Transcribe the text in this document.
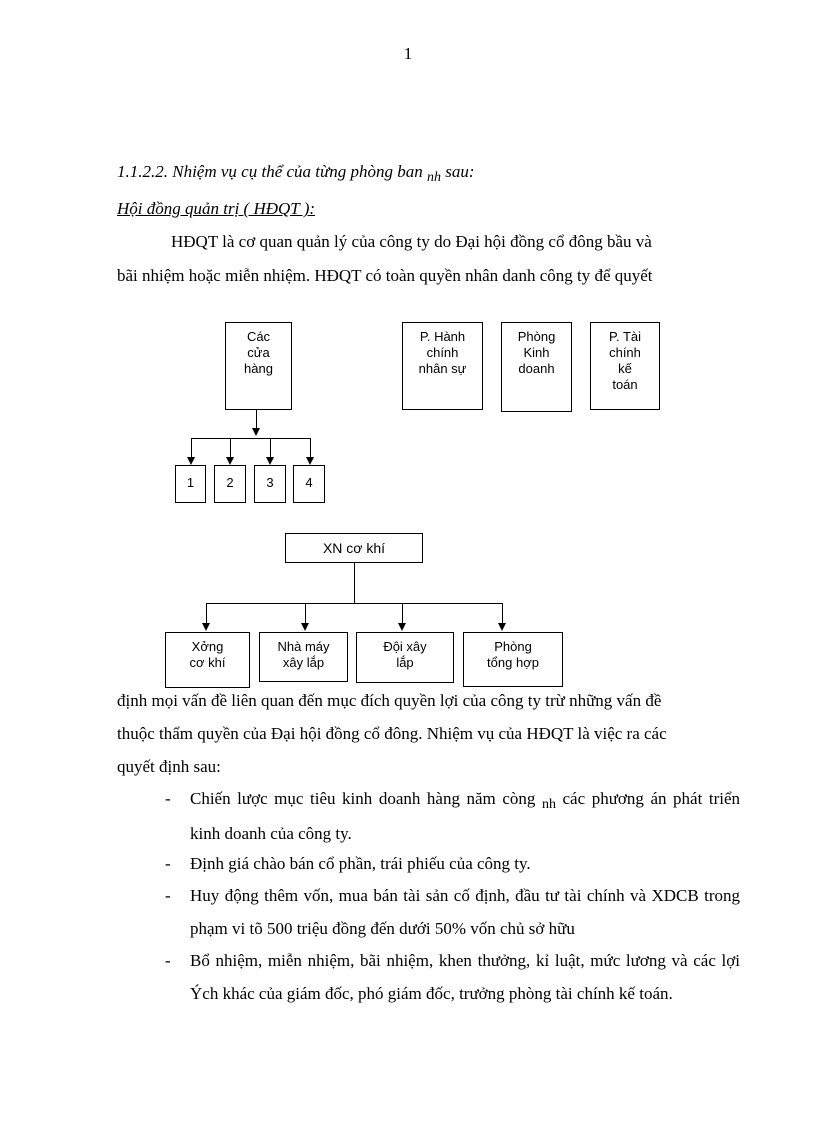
1
1.1.2.2. Nhiệm vụ cụ thể của từng phòng ban $_{nh}$ sau:
Hội đồng quản trị ( HĐQT ):
HĐQT là cơ quan quản lý của công ty do Đại hội đồng cổ đông bầu và
bãi nhiệm hoặc miễn nhiệm. HĐQT có toàn quyền nhân danh công ty để quyết
Các
cửa
hàng
1	2	3	4
P. Hành
chính
nhân sự
Phòng
Kinh
doanh
P. Tài
chính
kế
toán
XN cơ khí
Xởng
cơ khí
Nhà máy
xây lắp
Đội xây
lắp
Phòng
tổng hợp
định mọi vấn đề liên quan đến mục đích quyền lợi của công ty trừ những vấn đề
thuộc thẩm quyền của Đại hội đồng cổ đông. Nhiệm vụ của HĐQT là việc ra các
quyết định sau:
- Chiến lược mục tiêu kinh doanh hàng năm còng $_{nh}$ các phương án phát triển kinh doanh của công ty.
- Định giá chào bán cổ phần, trái phiếu của công ty.
- Huy động thêm vốn, mua bán tài sản cố định, đầu tư tài chính và XDCB trong phạm vi tõ 500 triệu đồng đến dưới 50% vốn chủ sở hữu
- Bổ nhiệm, miễn nhiệm, bãi nhiệm, khen thưởng, kỉ luật, mức lương và các lợi Ých khác của giám đốc, phó giám đốc, trưởng phòng tài chính kế toán.
